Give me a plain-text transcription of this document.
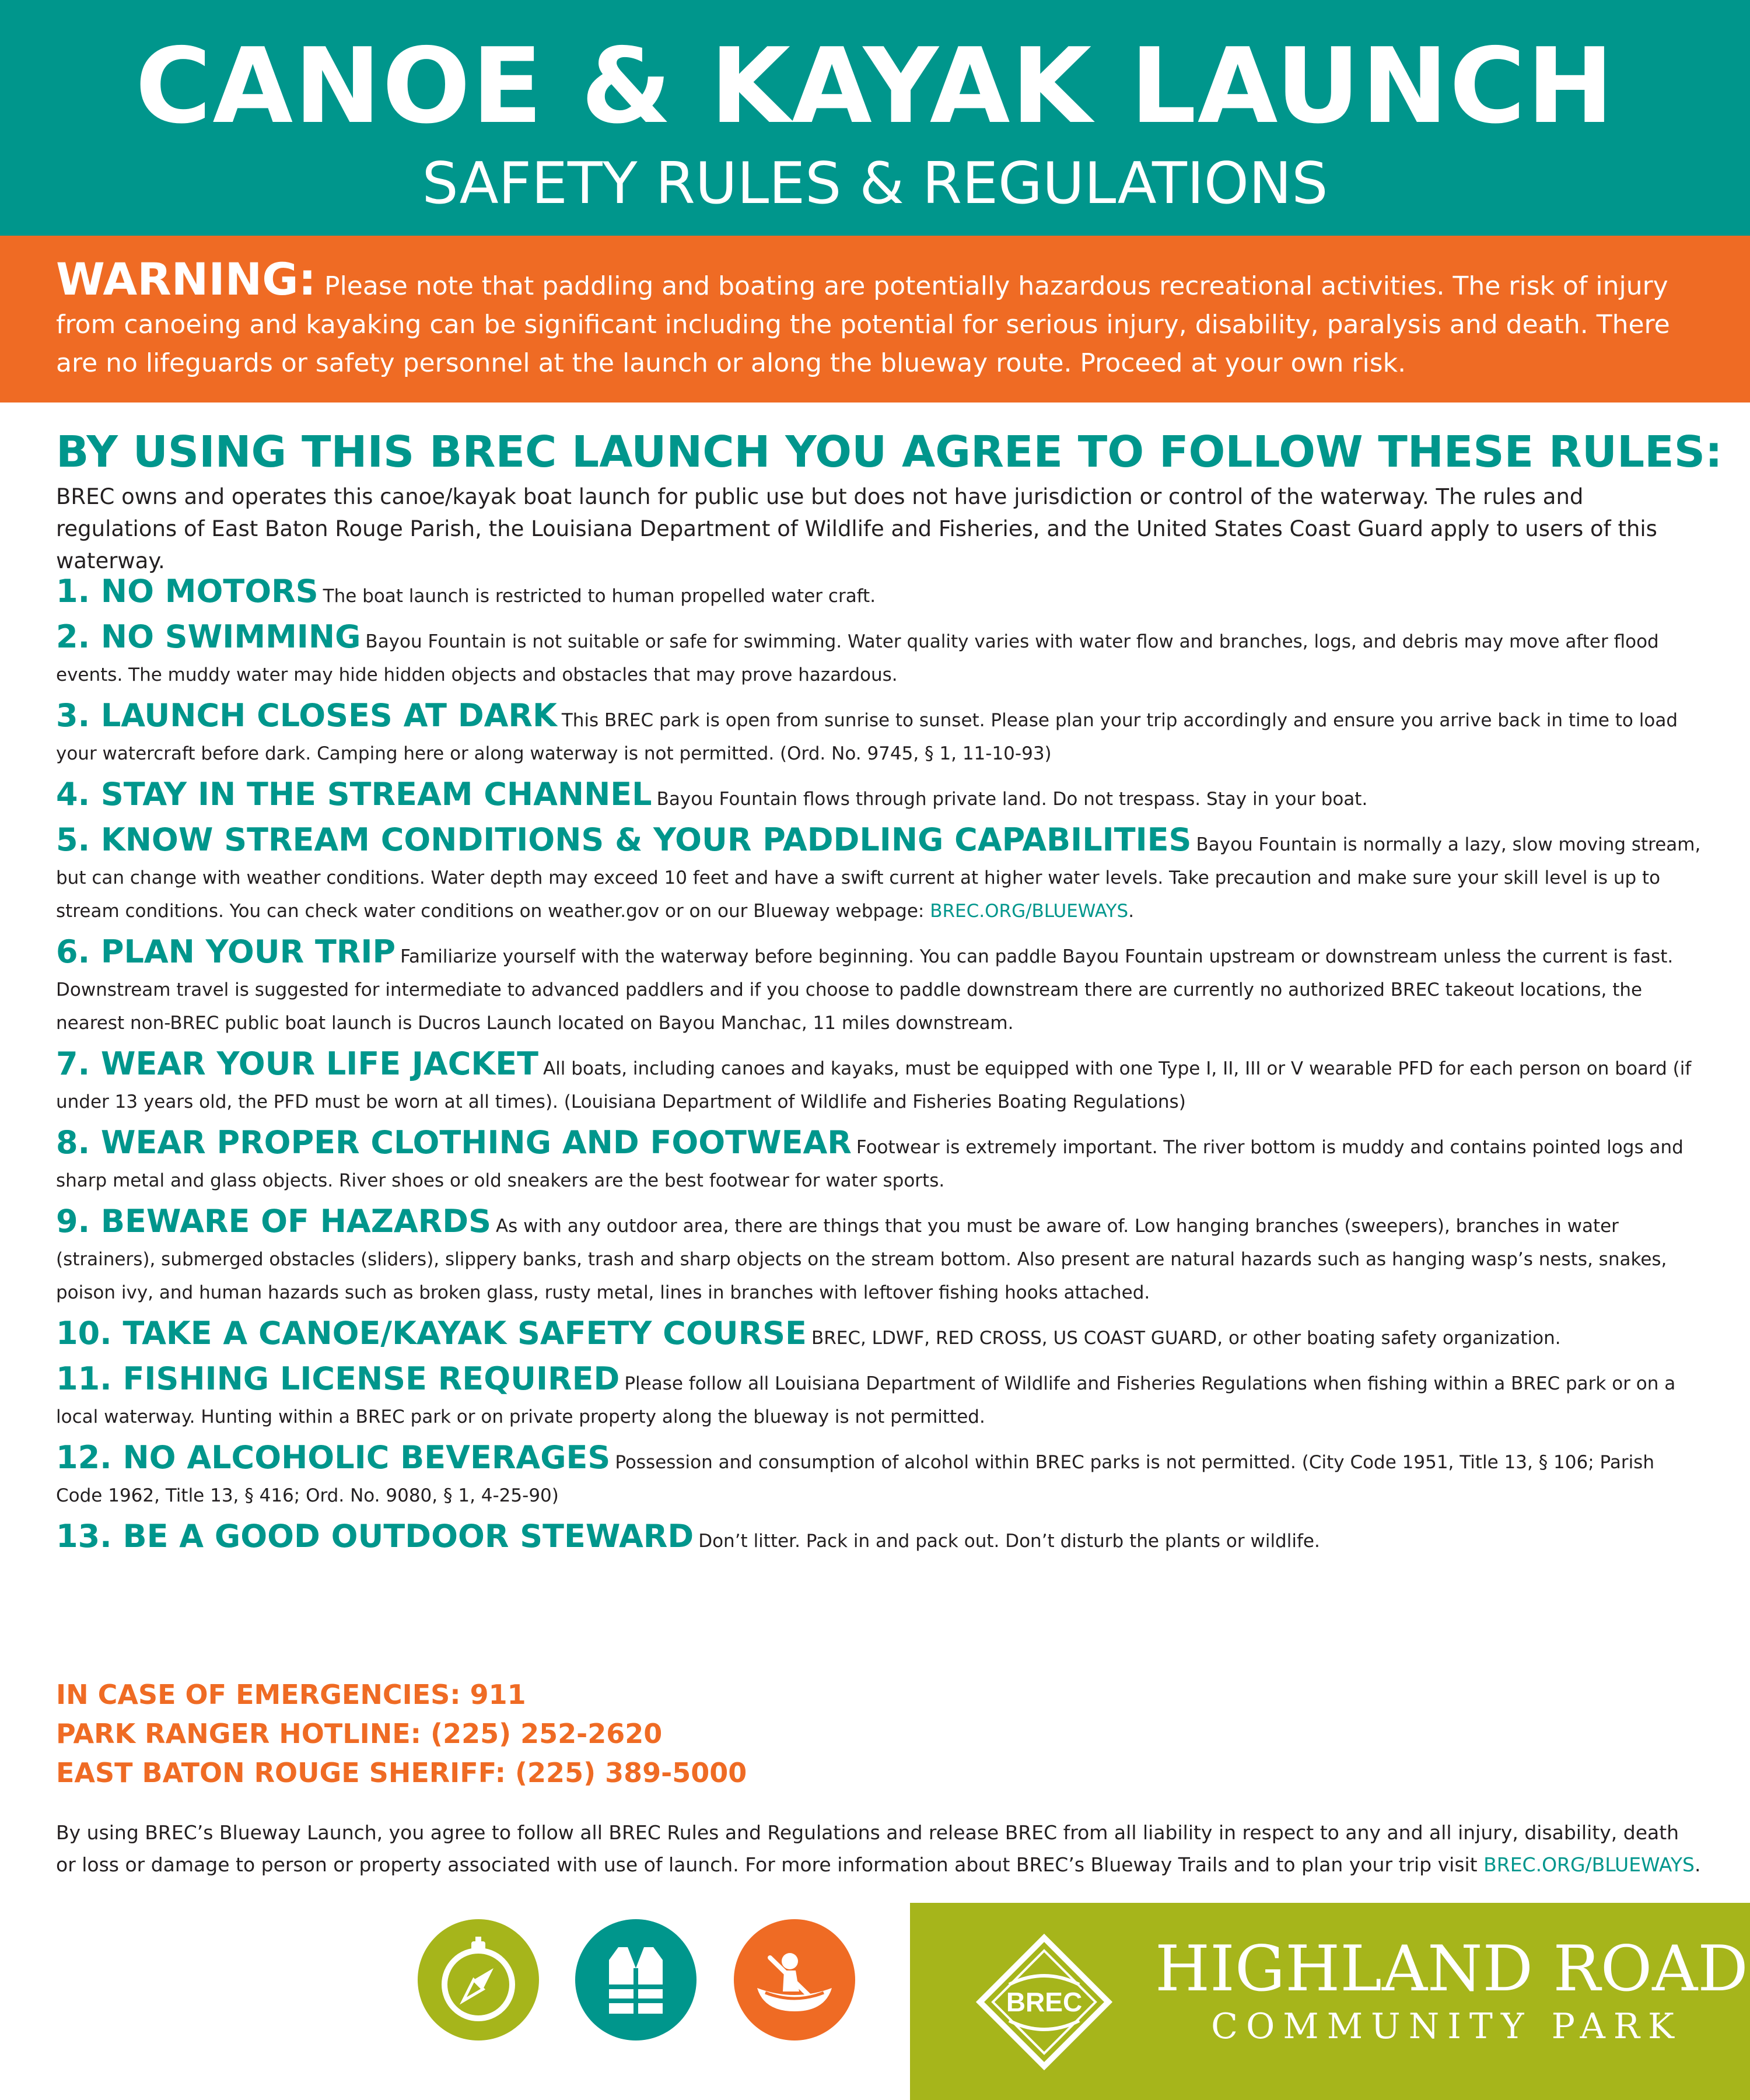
CANOE & KAYAK LAUNCH
SAFETY RULES & REGULATIONS
WARNING: Please note that paddling and boating are potentially hazardous recreational activities. The risk of injury from canoeing and kayaking can be significant including the potential for serious injury, disability, paralysis and death. There are no lifeguards or safety personnel at the launch or along the blueway route. Proceed at your own risk.
BY USING THIS BREC LAUNCH YOU AGREE TO FOLLOW THESE RULES:
BREC owns and operates this canoe/kayak boat launch for public use but does not have jurisdiction or control of the waterway. The rules and regulations of East Baton Rouge Parish, the Louisiana Department of Wildlife and Fisheries, and the United States Coast Guard apply to users of this waterway.
1. NO MOTORS The boat launch is restricted to human propelled water craft.
2. NO SWIMMING Bayou Fountain is not suitable or safe for swimming. Water quality varies with water flow and branches, logs, and debris may move after flood events. The muddy water may hide hidden objects and obstacles that may prove hazardous.
3. LAUNCH CLOSES AT DARK This BREC park is open from sunrise to sunset. Please plan your trip accordingly and ensure you arrive back in time to load your watercraft before dark. Camping here or along waterway is not permitted. (Ord. No. 9745, § 1, 11-10-93)
4. STAY IN THE STREAM CHANNEL Bayou Fountain flows through private land. Do not trespass. Stay in your boat.
5. KNOW STREAM CONDITIONS & YOUR PADDLING CAPABILITIES Bayou Fountain is normally a lazy, slow moving stream, but can change with weather conditions. Water depth may exceed 10 feet and have a swift current at higher water levels. Take precaution and make sure your skill level is up to stream conditions. You can check water conditions on weather.gov or on our Blueway webpage: BREC.ORG/BLUEWAYS.
6. PLAN YOUR TRIP Familiarize yourself with the waterway before beginning. You can paddle Bayou Fountain upstream or downstream unless the current is fast. Downstream travel is suggested for intermediate to advanced paddlers and if you choose to paddle downstream there are currently no authorized BREC takeout locations, the nearest non-BREC public boat launch is Ducros Launch located on Bayou Manchac, 11 miles downstream.
7. WEAR YOUR LIFE JACKET All boats, including canoes and kayaks, must be equipped with one Type I, II, III or V wearable PFD for each person on board (if under 13 years old, the PFD must be worn at all times). (Louisiana Department of Wildlife and Fisheries Boating Regulations)
8. WEAR PROPER CLOTHING AND FOOTWEAR Footwear is extremely important. The river bottom is muddy and contains pointed logs and sharp metal and glass objects. River shoes or old sneakers are the best footwear for water sports.
9. BEWARE OF HAZARDS As with any outdoor area, there are things that you must be aware of. Low hanging branches (sweepers), branches in water (strainers), submerged obstacles (sliders), slippery banks, trash and sharp objects on the stream bottom. Also present are natural hazards such as hanging wasp’s nests, snakes, poison ivy, and human hazards such as broken glass, rusty metal, lines in branches with leftover fishing hooks attached.
10. TAKE A CANOE/KAYAK SAFETY COURSE BREC, LDWF, RED CROSS, US COAST GUARD, or other boating safety organization.
11. FISHING LICENSE REQUIRED Please follow all Louisiana Department of Wildlife and Fisheries Regulations when fishing within a BREC park or on a local waterway. Hunting within a BREC park or on private property along the blueway is not permitted.
12. NO ALCOHOLIC BEVERAGES Possession and consumption of alcohol within BREC parks is not permitted. (City Code 1951, Title 13, § 106; Parish Code 1962, Title 13, § 416; Ord. No. 9080, § 1, 4-25-90)
13. BE A GOOD OUTDOOR STEWARD Don’t litter. Pack in and pack out. Don’t disturb the plants or wildlife.
IN CASE OF EMERGENCIES: 911
PARK RANGER HOTLINE: (225) 252-2620
EAST BATON ROUGE SHERIFF: (225) 389-5000
By using BREC’s Blueway Launch, you agree to follow all BREC Rules and Regulations and release BREC from all liability in respect to any and all injury, disability, death or loss or damage to person or property associated with use of launch. For more information about BREC’s Blueway Trails and to plan your trip visit BREC.ORG/BLUEWAYS.
BREC HIGHLAND ROAD
COMMUNITY PARK
